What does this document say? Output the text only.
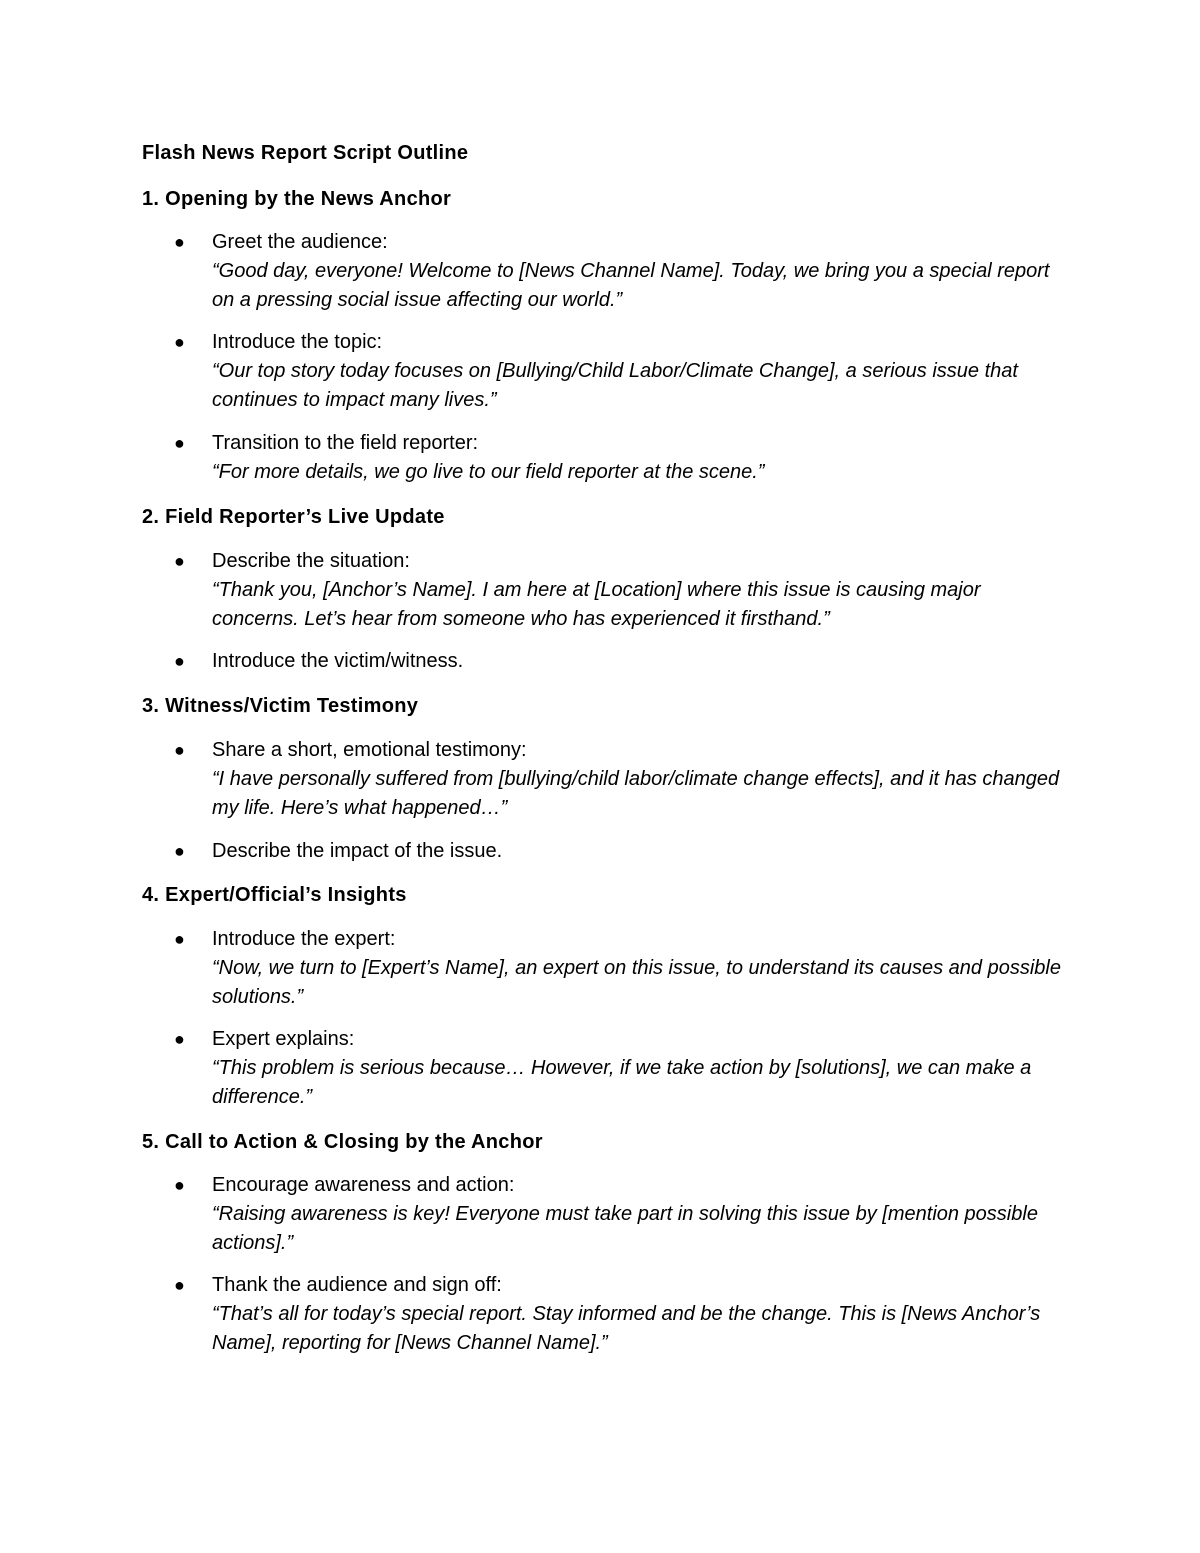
Flash News Report Script Outline
1. Opening by the News Anchor
● Greet the audience:
“Good day, everyone! Welcome to [News Channel Name]. Today, we bring you a special report on a pressing social issue affecting our world.”
● Introduce the topic:
“Our top story today focuses on [Bullying/Child Labor/Climate Change], a serious issue that continues to impact many lives.”
● Transition to the field reporter:
“For more details, we go live to our field reporter at the scene.”
2. Field Reporter’s Live Update
● Describe the situation:
“Thank you, [Anchor’s Name]. I am here at [Location] where this issue is causing major concerns. Let’s hear from someone who has experienced it firsthand.”
● Introduce the victim/witness.
3. Witness/Victim Testimony
● Share a short, emotional testimony:
“I have personally suffered from [bullying/child labor/climate change effects], and it has changed my life. Here’s what happened…”
● Describe the impact of the issue.
4. Expert/Official’s Insights
● Introduce the expert:
“Now, we turn to [Expert’s Name], an expert on this issue, to understand its causes and possible solutions.”
● Expert explains:
“This problem is serious because… However, if we take action by [solutions], we can make a difference.”
5. Call to Action & Closing by the Anchor
● Encourage awareness and action:
“Raising awareness is key! Everyone must take part in solving this issue by [mention possible actions].”
● Thank the audience and sign off:
“That’s all for today’s special report. Stay informed and be the change. This is [News Anchor’s Name], reporting for [News Channel Name].”
